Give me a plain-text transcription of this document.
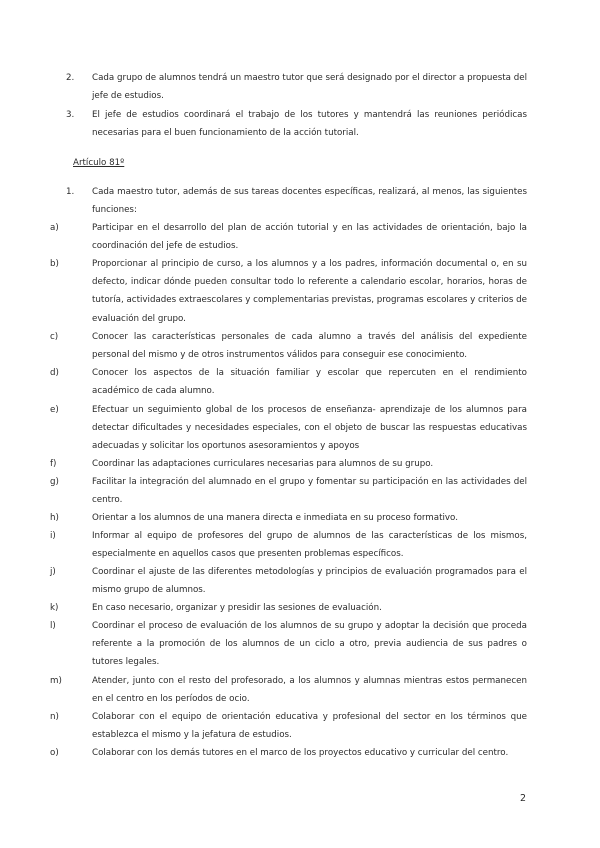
2. Cada grupo de alumnos tendrá un maestro tutor que será designado por el director a propuesta del jefe de estudios.
3. El jefe de estudios coordinará el trabajo de los tutores y mantendrá las reuniones periódicas necesarias para el buen funcionamiento de la acción tutorial.
Artículo 81º
1. Cada maestro tutor, además de sus tareas docentes específicas, realizará, al menos, las siguientes funciones:
a)	Participar en el desarrollo del plan de acción tutorial y en las actividades de orientación, bajo la coordinación del jefe de estudios.
b)	Proporcionar al principio de curso, a los alumnos y a los padres, información documental o, en su defecto, indicar dónde pueden consultar todo lo referente a calendario escolar, horarios, horas de tutoría, actividades extraescolares y complementarias previstas, programas escolares y criterios de evaluación del grupo.
c)	Conocer las características personales de cada alumno a través del análisis del expediente personal del mismo y de otros instrumentos válidos para conseguir ese conocimiento.
d)	Conocer los aspectos de la situación familiar y escolar que repercuten en el rendimiento académico de cada alumno.
e)	Efectuar un seguimiento global de los procesos de enseñanza- aprendizaje de los alumnos para detectar dificultades y necesidades especiales, con el objeto de buscar las respuestas educativas adecuadas y solicitar los oportunos asesoramientos y apoyos
f)	Coordinar las adaptaciones curriculares necesarias para alumnos de su grupo.
g)	Facilitar la integración del alumnado en el grupo y fomentar su participación en las actividades del centro.
h)	Orientar a los alumnos de una manera directa e inmediata en su proceso formativo.
i)	Informar al equipo de profesores del grupo de alumnos de las características de los mismos, especialmente en aquellos casos que presenten problemas específicos.
j)	Coordinar el ajuste de las diferentes metodologías y principios de evaluación programados para el mismo grupo de alumnos.
k)	En caso necesario, organizar y presidir las sesiones de evaluación.
l)	Coordinar el proceso de evaluación de los alumnos de su grupo y adoptar la decisión que proceda referente a la promoción de los alumnos de un ciclo a otro, previa audiencia de sus padres o tutores legales.
m)	Atender, junto con el resto del profesorado, a los alumnos y alumnas mientras estos permanecen en el centro en los períodos de ocio.
n)	Colaborar con el equipo de orientación educativa y profesional del sector en los términos que establezca el mismo y la jefatura de estudios.
o)	Colaborar con los demás tutores en el marco de los proyectos educativo y curricular del centro.
2
